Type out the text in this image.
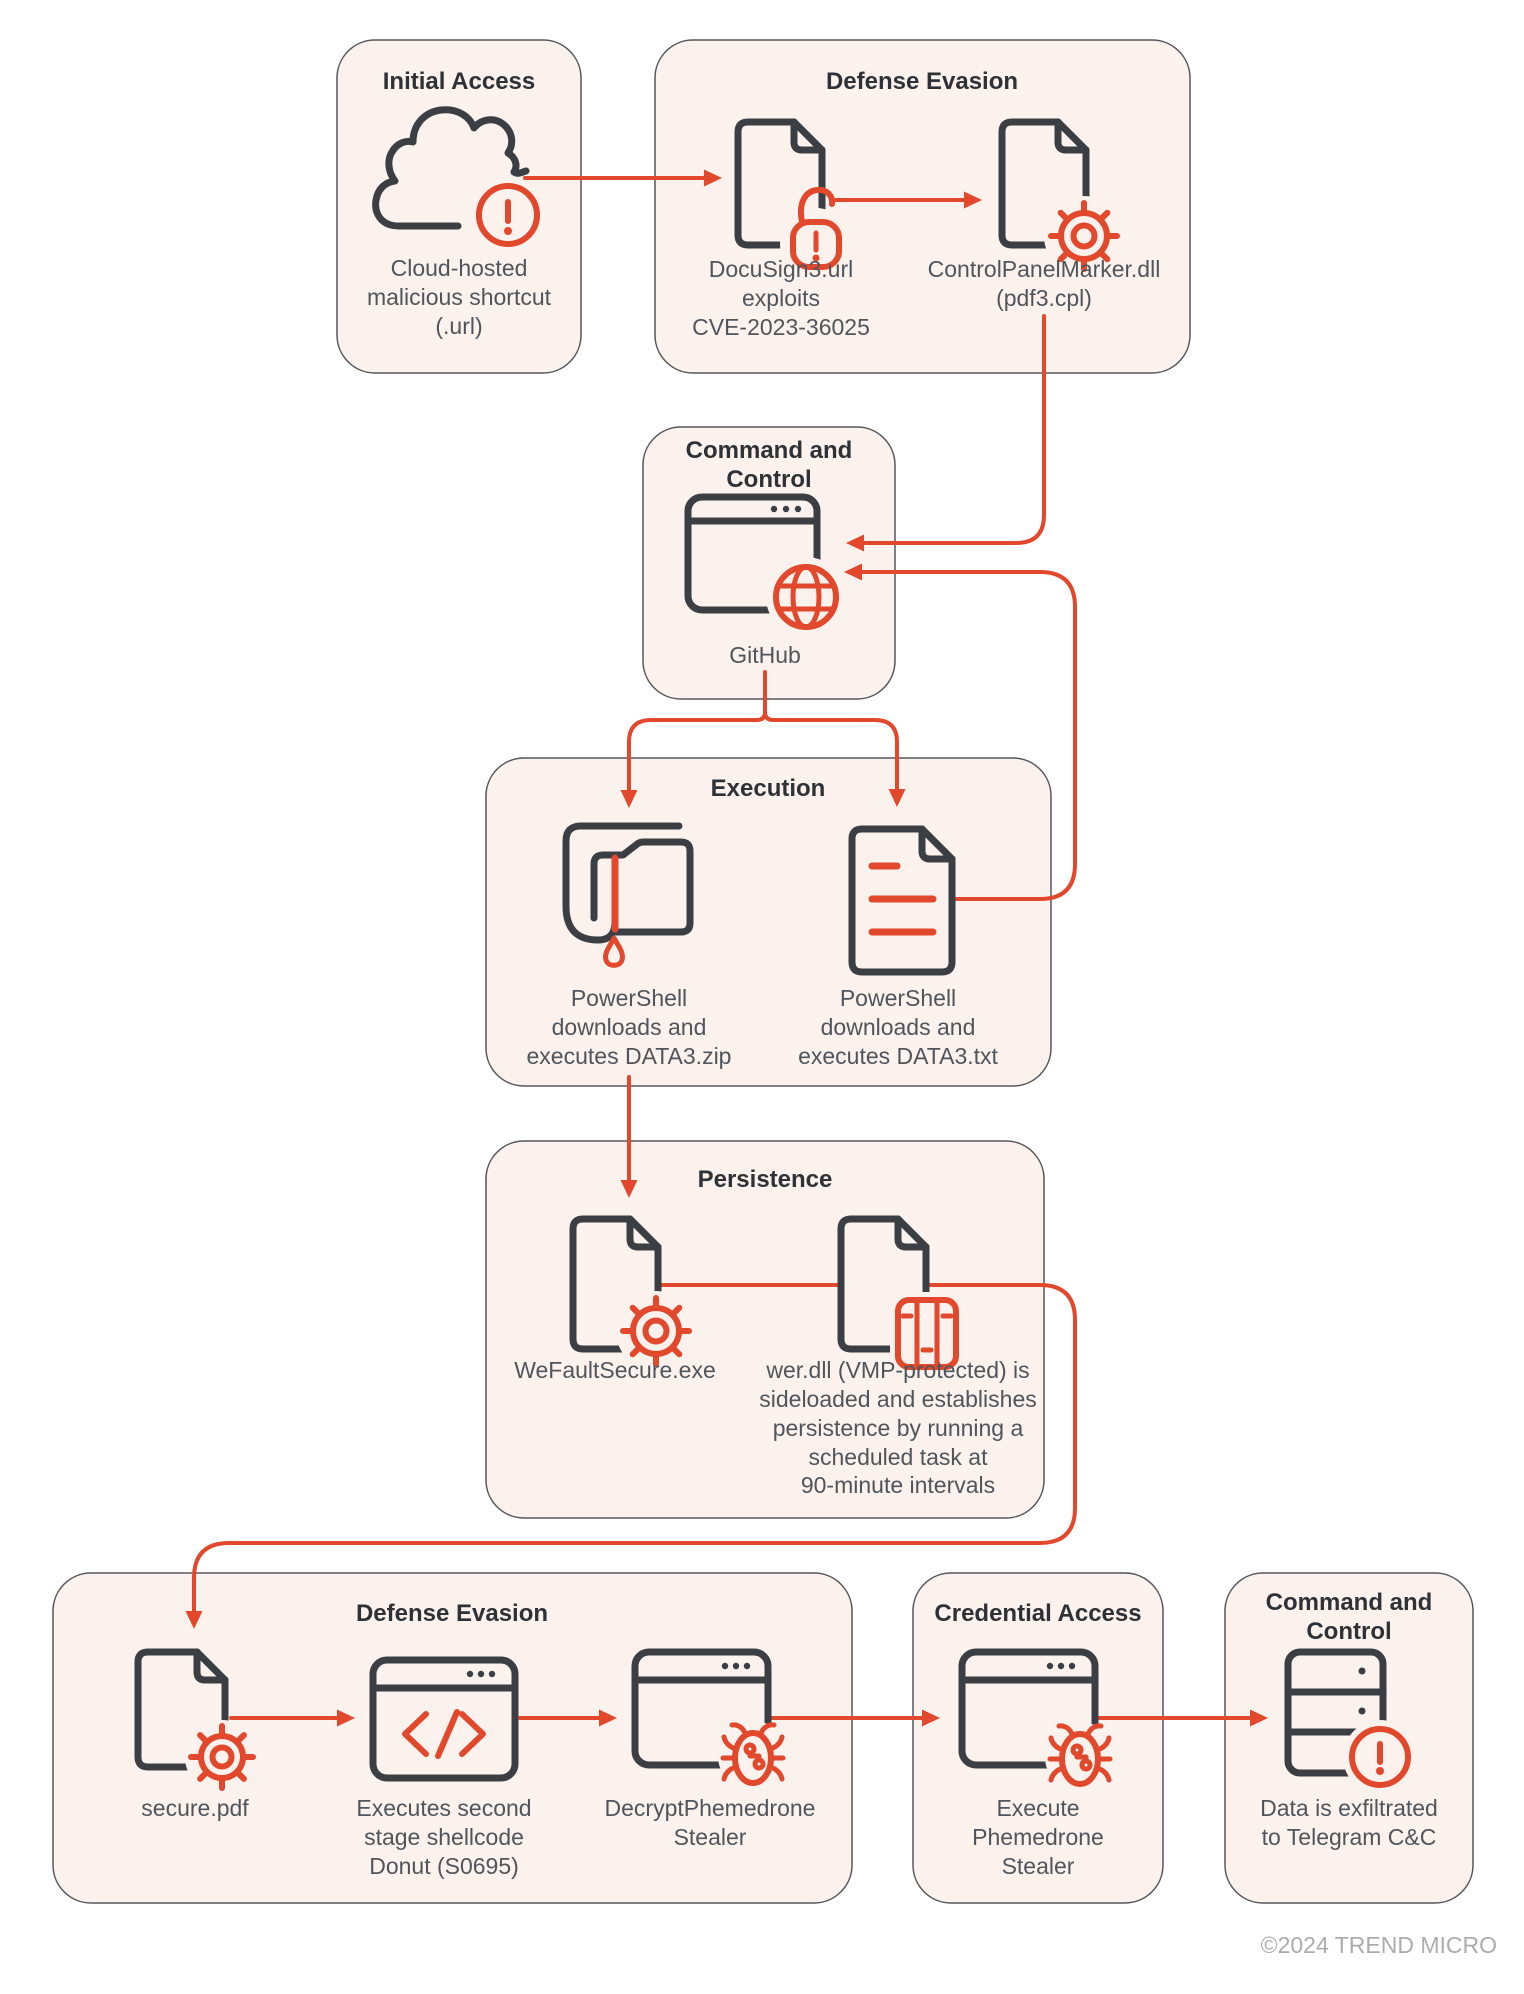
Initial Access
Cloud-hosted
malicious shortcut
(.url)
Defense Evasion
DocuSign3.url
exploits
CVE-2023-36025
ControlPanelMarker.dll
(pdf3.cpl)
Command and
Control
GitHub
Execution
PowerShell
downloads and
executes DATA3.zip
PowerShell
downloads and
executes DATA3.txt
Persistence
WeFaultSecure.exe wer.dll (VMP-protected) is
sideloaded and establishes
persistence by running a
scheduled task at
90-minute intervals
Defense Evasion
secure.pdf	Executes second
stage shellcode
Donut (S0695)
DecryptPhemedrone
Stealer
Credential Access
Execute
Phemedrone
Stealer
Command and
Control
Data is exfiltrated
to Telegram C&C
©2024 TREND MICRO
